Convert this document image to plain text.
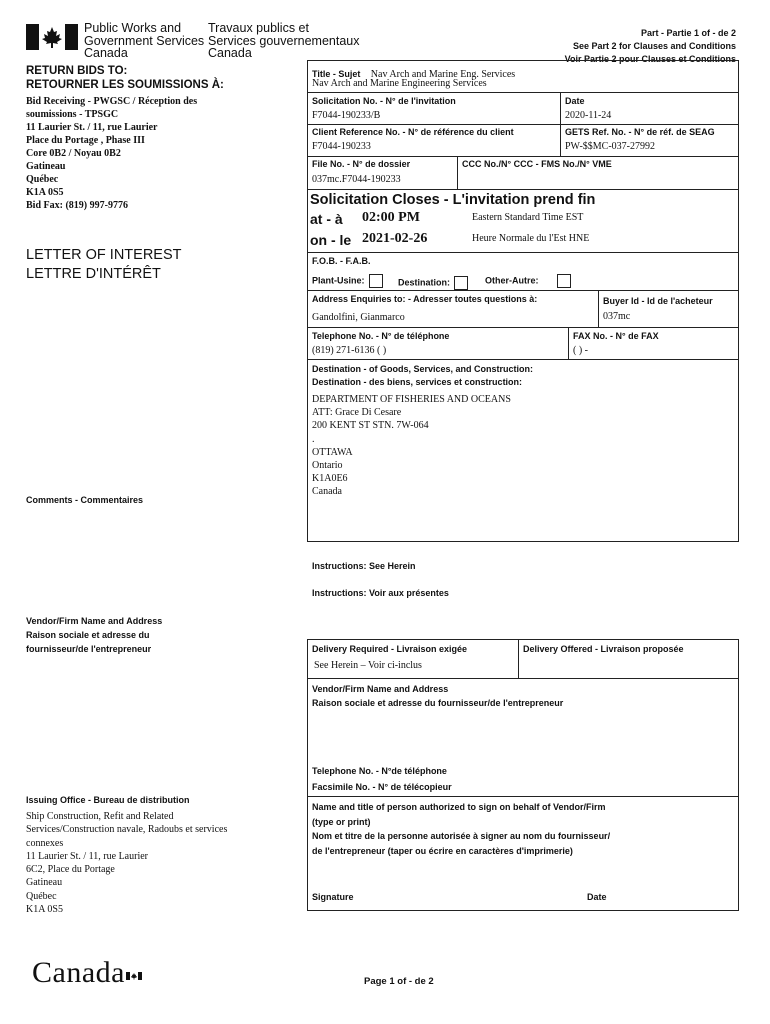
Public Works and
Government Services
Canada
Travaux publics et
Services gouvernementaux
Canada
Part - Partie 1 of - de 2
See Part 2 for Clauses and Conditions
Voir Partie 2 pour Clauses et Conditions
RETURN BIDS TO:
RETOURNER LES SOUMISSIONS À:
Bid Receiving - PWGSC / Réception des
soumissions - TPSGC
11 Laurier St. / 11, rue Laurier
Place du Portage , Phase III
Core 0B2 / Noyau 0B2
Gatineau
Québec
K1A 0S5
Bid Fax: (819) 997-9776
LETTER OF INTEREST
LETTRE D'INTÉRÊT
Comments - Commentaires
Vendor/Firm Name and Address
Raison sociale et adresse du
fournisseur/de l'entrepreneur
Issuing Office - Bureau de distribution
Ship Construction, Refit and Related
Services/Construction navale, Radoubs et services
connexes
11 Laurier St. / 11, rue Laurier
6C2, Place du Portage
Gatineau
Québec
K1A 0S5
Title - Sujet Nav Arch and Marine Eng. Services
Nav Arch and Marine Engineering Services
Solicitation No. - N° de l'invitation
F7044-190233/B
Date
2020-11-24
Client Reference No. - N° de référence du client
F7044-190233
GETS Ref. No. - N° de réf. de SEAG
PW-$$MC-037-27992
File No. - N° de dossier
037mc.F7044-190233
CCC No./N° CCC - FMS No./N° VME
Solicitation Closes - L'invitation prend fin
at - à 02:00 PM	Eastern Standard Time EST
on - le 2021-02-26	Heure Normale du l'Est HNE
F.O.B. - F.A.B.
Plant-Usine:	Destination:	Other-Autre:
Address Enquiries to: - Adresser toutes questions à:
Gandolfini, Gianmarco
Buyer Id - Id de l'acheteur
037mc
Telephone No. - N° de téléphone
(819) 271-6136 ( )
FAX No. - N° de FAX
( ) -
Destination - of Goods, Services, and Construction:
Destination - des biens, services et construction:
DEPARTMENT OF FISHERIES AND OCEANS
ATT: Grace Di Cesare
200 KENT ST STN. 7W-064
.
OTTAWA
Ontario
K1A0E6
Canada
Instructions: See Herein
Instructions: Voir aux présentes
Delivery Required - Livraison exigée
See Herein – Voir ci-inclus
Delivery Offered - Livraison proposée
Vendor/Firm Name and Address
Raison sociale et adresse du fournisseur/de l'entrepreneur
Telephone No. - N°de téléphone
Facsimile No. - N° de télécopieur
Name and title of person authorized to sign on behalf of Vendor/Firm
(type or print)
Nom et titre de la personne autorisée à signer au nom du fournisseur/
de l'entrepreneur (taper ou écrire en caractères d'imprimerie)
Signature	Date
Canada	Page 1 of - de 2
